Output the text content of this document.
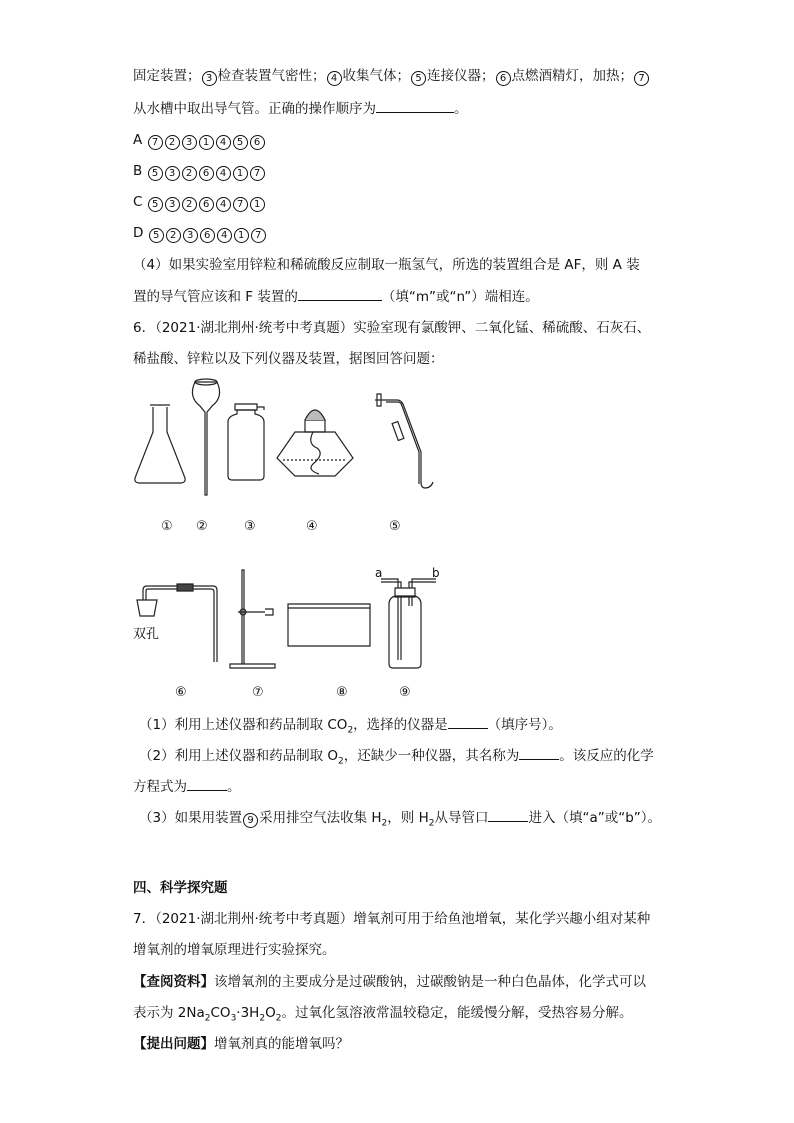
固定装置； 3 检查装置气密性； 4 收集气体； 5 连接仪器； 6 点燃酒精灯，加热； 7
从水槽中取出导气管。正确的操作顺序为	。
A 7 2 3 1 4 5 6
B 5 3 2 6 4 1 7
C 5 3 2 6 4 7 1
D 5 2 3 6 4 1 7
（4）如果实验室用锌粒和稀硫酸反应制取一瓶氢气，所选的装置组合是 AF，则 A 装
置的导气管应该和 F 装置的	（填“m”或“n”）端相连。
6．（2021·湖北荆州·统考中考真题）实验室现有氯酸钾、二氧化锰、稀硫酸、石灰石、
稀盐酸、锌粒以及下列仪器及装置，据图回答问题：
① ②	③	④	⑤
双孔
a	b
⑥	⑦	⑧	⑨
（1）利用上述仪器和药品制取 $CO_2$，选择的仪器是	（填序号）。
（2）利用上述仪器和药品制取 $O_2$，还缺少一种仪器，其名称为	。该反应的化学
方程式为	。
（3）如果用装置 9 采用排空气法收集 $H_2$，则 $H_2$从导管口	进入（填“a”或“b”）。
四、科学探究题
7．（2021·湖北荆州·统考中考真题）增氧剂可用于给鱼池增氧，某化学兴趣小组对某种
增氧剂的增氧原理进行实验探究。
【查阅资料】该增氧剂的主要成分是过碳酸钠，过碳酸钠是一种白色晶体，化学式可以
表示为 $2Na_2CO_3\cdot 3H_2O_2$。过氧化氢溶液常温较稳定，能缓慢分解，受热容易分解。
【提出问题】增氧剂真的能增氧吗？
